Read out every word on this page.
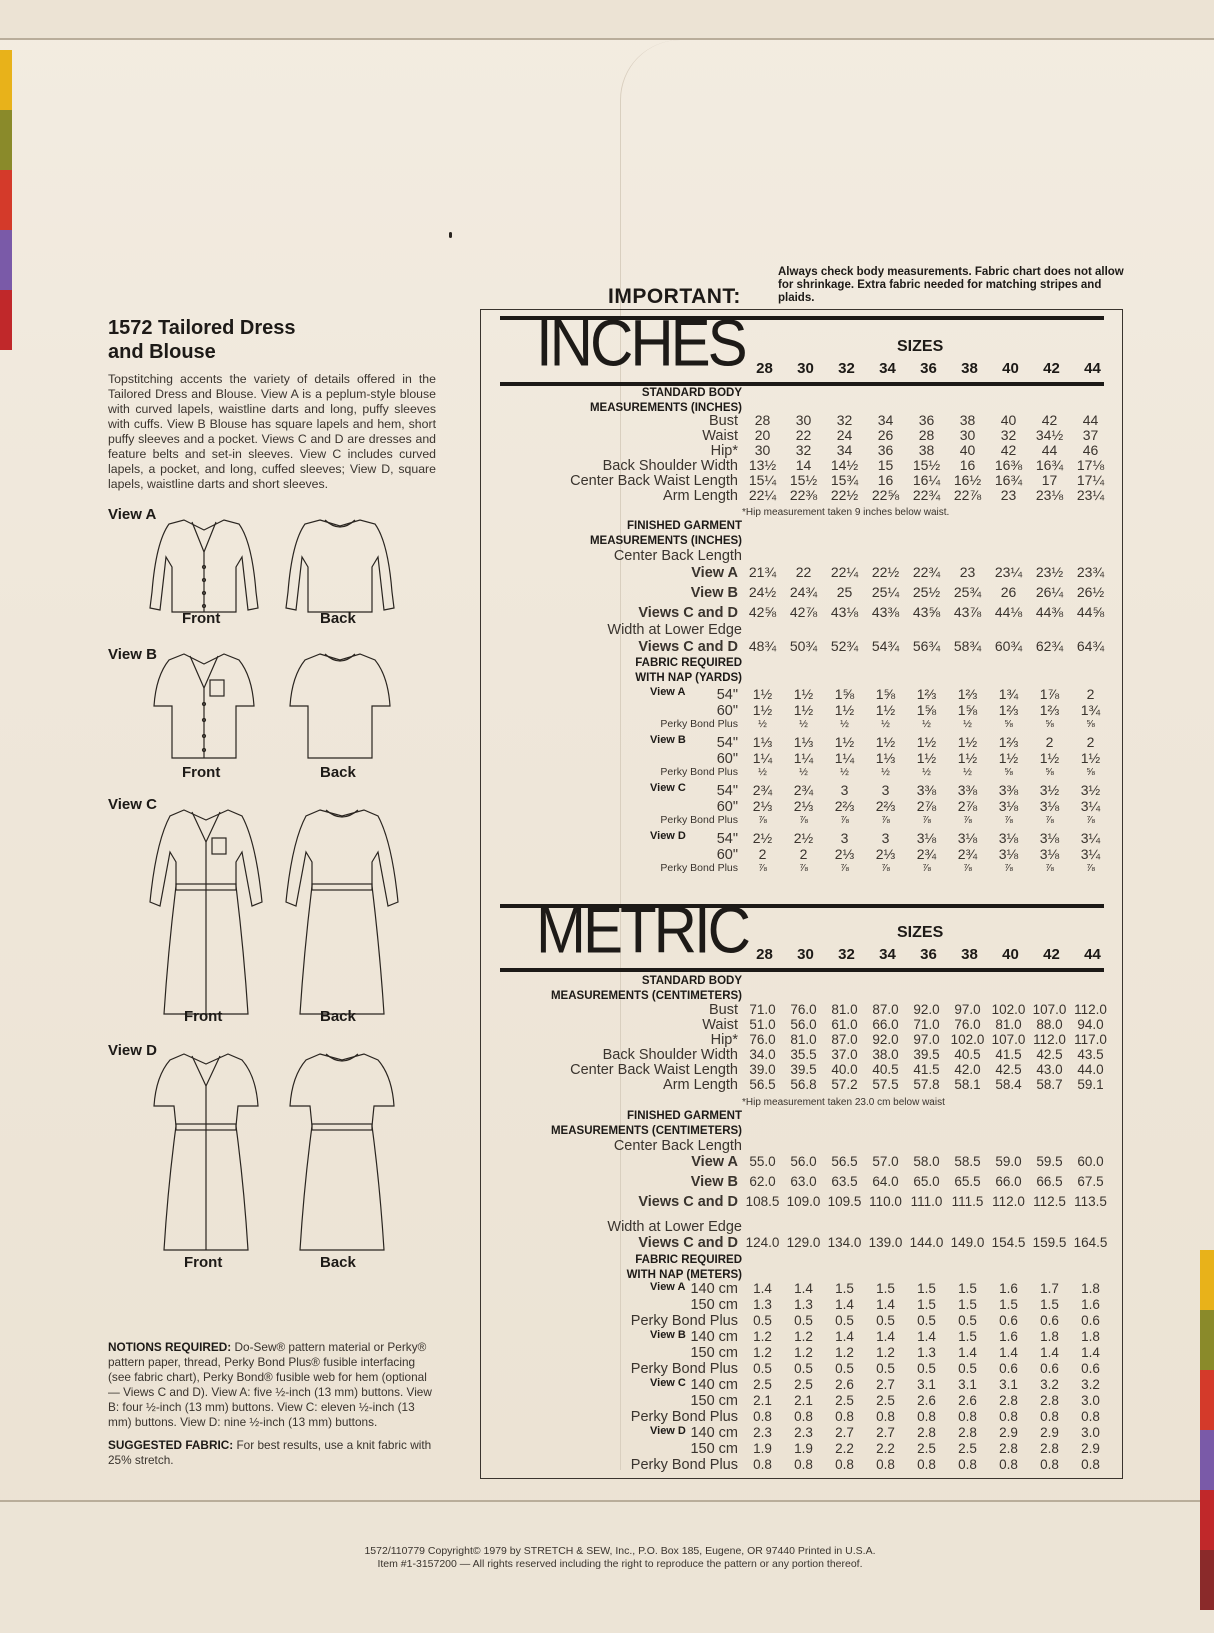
1572 Tailored Dress
and Blouse

Topstitching accents the variety of details offered in the Tailored Dress and Blouse. View A is a peplum-style blouse with curved lapels, waistline darts and long, puffy sleeves with cuffs. View B Blouse has square lapels and hem, short puffy sleeves and a pocket. Views C and D are dresses and feature belts and set-in sleeves. View C includes curved lapels, a pocket, and long, cuffed sleeves; View D, square lapels, waistline darts and short sleeves.

View A
Front	Back
View B
Front	Back
View C
Front	Back
View D
Front	Back

NOTIONS REQUIRED: Do-Sew® pattern material or Perky® pattern paper, thread, Perky Bond Plus® fusible interfacing (see fabric chart), Perky Bond® fusible web for hem (optional — Views C and D). View A: five ½-inch (13 mm) buttons. View B: four ½-inch (13 mm) buttons. View C: eleven ½-inch (13 mm) buttons. View D: nine ½-inch (13 mm) buttons.

SUGGESTED FABRIC: For best results, use a knit fabric with 25% stretch.

IMPORTANT:
Always check body measurements. Fabric chart does not allow for shrinkage. Extra fabric needed for matching stripes and plaids.
INCHES	SIZES
28	30	32	34	36	38	40	42	44
STANDARD BODY
MEASUREMENTS (INCHES)
Bust	28	30	32	34	36	38	40	42	44
Waist	20	22	24	26	28	30	32	34½	37
Hip*	30	32	34	36	38	40	42	44	46
Back Shoulder Width 13½	14	14½	15	15½	16	16⅜ 16¾ 17⅛
Center Back Waist Length 15¼ 15½ 15¾	16	16¼ 16½ 16¾	17	17¼
Arm Length 22¼ 22⅜ 22½ 22⅝ 22¾ 22⅞	23	23⅛ 23¼
*Hip measurement taken 9 inches below waist.
FINISHED GARMENT
MEASUREMENTS (INCHES)
Center Back Length
View A 21¾	22	22¼ 22½ 22¾	23	23¼ 23½ 23¾
View B 24½ 24¾	25	25¼ 25½ 25¾	26	26¼ 26½
Views C and D 42⅝ 42⅞ 43⅛ 43⅜ 43⅝ 43⅞ 44⅛ 44⅜ 44⅝
Width at Lower Edge
Views C and D 48¾ 50¾ 52¾ 54¾ 56¾ 58¾ 60¾ 62¾ 64¾
FABRIC REQUIRED
WITH NAP (YARDS)
View A	54"	1½	1½	1⅝	1⅝	1⅔	1⅔	1¾	1⅞	2
60"	1½	1½	1½	1½	1⅝	1⅝	1⅔	1⅔	1¾
Perky Bond Plus	½	½	½	½	½	½	⅝	⅝	⅝
View B	54"	1⅓	1⅓	1½	1½	1½	1½	1⅔	2	2
60"	1¼	1¼	1¼	1⅓	1½	1½	1½	1½	1½
Perky Bond Plus	½	½	½	½	½	½	⅝	⅝	⅝
View C	54"	2¾	2¾	3	3	3⅜	3⅜	3⅜	3½	3½
60"	2⅓	2⅓	2⅔	2⅔	2⅞	2⅞	3⅛	3⅛	3¼
Perky Bond Plus	⅞	⅞	⅞	⅞	⅞	⅞	⅞	⅞	⅞
View D	54"	2½	2½	3	3	3⅛	3⅛	3⅛	3⅛	3¼
60"	2	2	2⅓	2⅓	2¾	2¾	3⅛	3⅛	3¼
Perky Bond Plus	⅞	⅞	⅞	⅞	⅞	⅞	⅞	⅞	⅞
METRIC	SIZES
28	30	32	34	36	38	40	42	44
STANDARD BODY
MEASUREMENTS (CENTIMETERS)
Bust 71.0	76.0	81.0	87.0	92.0	97.0 102.0 107.0 112.0
Waist 51.0	56.0	61.0	66.0	71.0	76.0	81.0	88.0	94.0
Hip* 76.0	81.0	87.0	92.0	97.0 102.0 107.0 112.0 117.0
Back Shoulder Width 34.0	35.5	37.0	38.0	39.5	40.5	41.5	42.5	43.5
Center Back Waist Length 39.0	39.5	40.0	40.5	41.5	42.0	42.5	43.0	44.0
Arm Length 56.5	56.8	57.2	57.5	57.8	58.1	58.4	58.7	59.1
*Hip measurement taken 23.0 cm below waist
FINISHED GARMENT
MEASUREMENTS (CENTIMETERS)
Center Back Length
View A 55.0	56.0	56.5	57.0	58.0	58.5	59.0	59.5	60.0
View B 62.0	63.0	63.5	64.0	65.0	65.5	66.0	66.5	67.5
Views C and D 108.5 109.0 109.5 110.0 111.0 111.5 112.0 112.5 113.5
Width at Lower Edge
Views C and D 124.0 129.0 134.0 139.0 144.0 149.0 154.5 159.5 164.5
FABRIC REQUIRED
WITH NAP (METERS)
View A 140 cm	1.4	1.4	1.5	1.5	1.5	1.5	1.6	1.7	1.8
150 cm	1.3	1.3	1.4	1.4	1.5	1.5	1.5	1.5	1.6
Perky Bond Plus	0.5	0.5	0.5	0.5	0.5	0.5	0.6	0.6	0.6
View B 140 cm	1.2	1.2	1.4	1.4	1.4	1.5	1.6	1.8	1.8
150 cm	1.2	1.2	1.2	1.2	1.3	1.4	1.4	1.4	1.4
Perky Bond Plus	0.5	0.5	0.5	0.5	0.5	0.5	0.6	0.6	0.6
View C 140 cm	2.5	2.5	2.6	2.7	3.1	3.1	3.1	3.2	3.2
150 cm	2.1	2.1	2.5	2.5	2.6	2.6	2.8	2.8	3.0
Perky Bond Plus	0.8	0.8	0.8	0.8	0.8	0.8	0.8	0.8	0.8
View D 140 cm	2.3	2.3	2.7	2.7	2.8	2.8	2.9	2.9	3.0
150 cm	1.9	1.9	2.2	2.2	2.5	2.5	2.8	2.8	2.9
Perky Bond Plus	0.8	0.8	0.8	0.8	0.8	0.8	0.8	0.8	0.8
1572/110779 Copyright© 1979 by STRETCH & SEW, Inc., P.O. Box 185, Eugene, OR 97440 Printed in U.S.A.
Item #1-3157200 — All rights reserved including the right to reproduce the pattern or any portion thereof.
